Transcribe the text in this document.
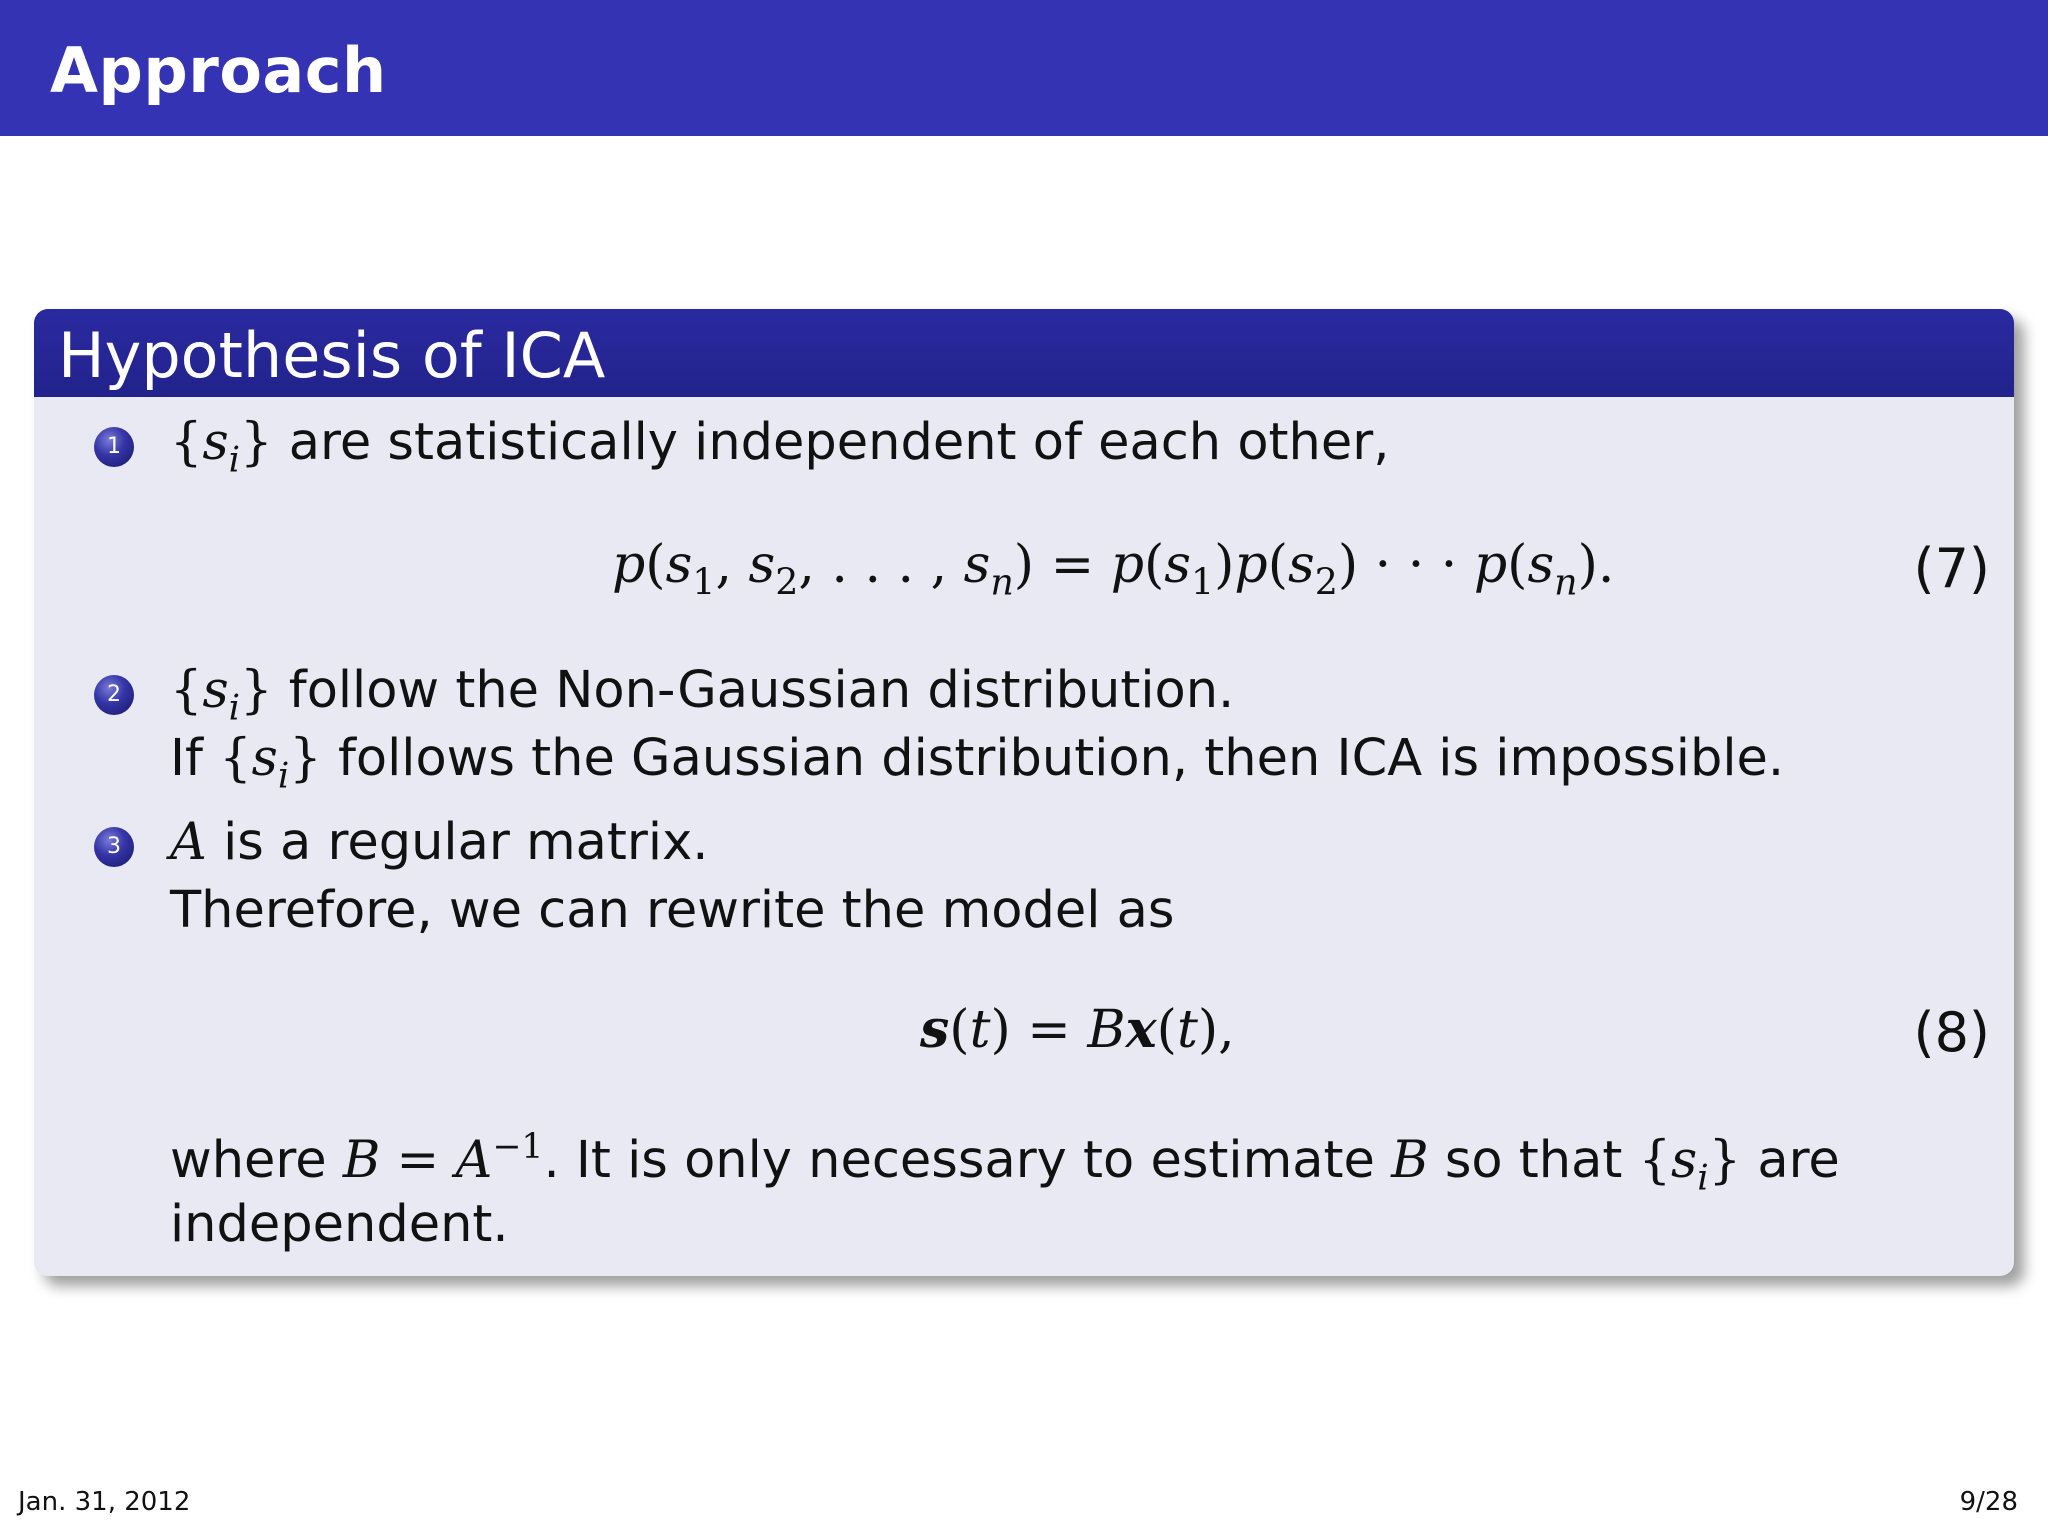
Approach
Hypothesis of ICA
1 $\{s_i\}$ are statistically independent of each other,
$p(s_1$, $s_2$, . . . , $s_n) = p(s_1)p(s_2)$ · · · $p(s_n)$.	(7)
2 $\{s_i\}$ follow the Non-Gaussian distribution.
If $\{s_i\}$ follows the Gaussian distribution, then ICA is impossible.
3 A is a regular matrix.
Therefore, we can rewrite the model as
s(t) = Bx(t),	(8)
where $B = A^{-1}$. It is only necessary to estimate B so that $\{s_i\}$ are
independent.
Jan. 31, 2012	9/28
